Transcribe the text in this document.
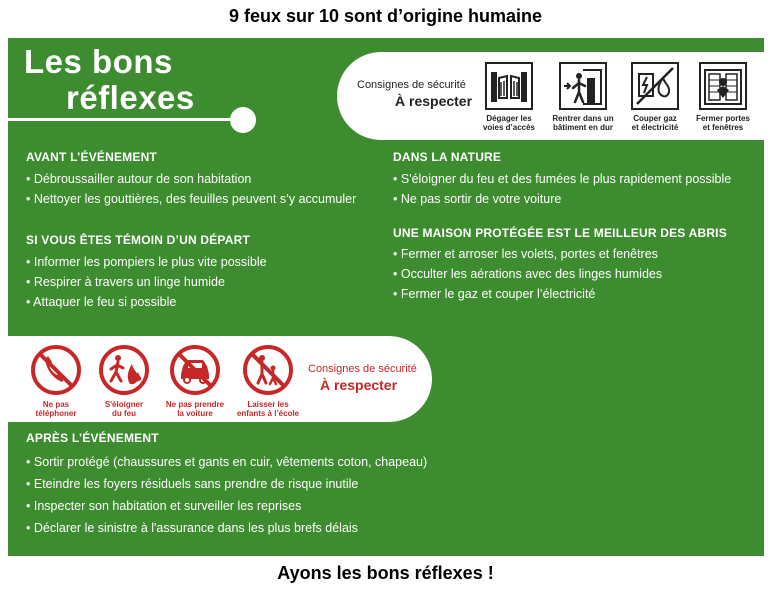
9 feux sur 10 sont d’origine humaine
Les bons
réflexes	Consignes de sécurité
À respecter
Dégager les
voies d’accès
Rentrer dans un
bâtiment en dur
Couper gaz
et électricité
Fermer portes
et fenêtres
AVANT L’ÉVÉNEMENT
• Débroussailler autour de son habitation
• Nettoyer les gouttières, des feuilles peuvent s’y accumuler
SI VOUS ÊTES TÉMOIN D’UN DÉPART
• Informer les pompiers le plus vite possible
• Respirer à travers un linge humide
• Attaquer le feu si possible
DANS LA NATURE
• S'éloigner du feu et des fumées le plus rapidement possible
• Ne pas sortir de votre voiture
UNE MAISON PROTÉGÉE EST LE MEILLEUR DES ABRIS
• Fermer et arroser les volets, portes et fenêtres
• Occulter les aérations avec des linges humides
• Fermer le gaz et couper l’électricité
Ne pas
téléphoner
S'éloigner
du feu
Ne pas prendre
la voiture
Laisser les
enfants à l’école
Consignes de sécurité
À respecter
APRÈS L’ÉVÉNEMENT
• Sortir protégé (chaussures et gants en cuir, vêtements coton, chapeau)
• Eteindre les foyers résiduels sans prendre de risque inutile
• Inspecter son habitation et surveiller les reprises
• Déclarer le sinistre à l'assurance dans les plus brefs délais
Ayons les bons réflexes !
